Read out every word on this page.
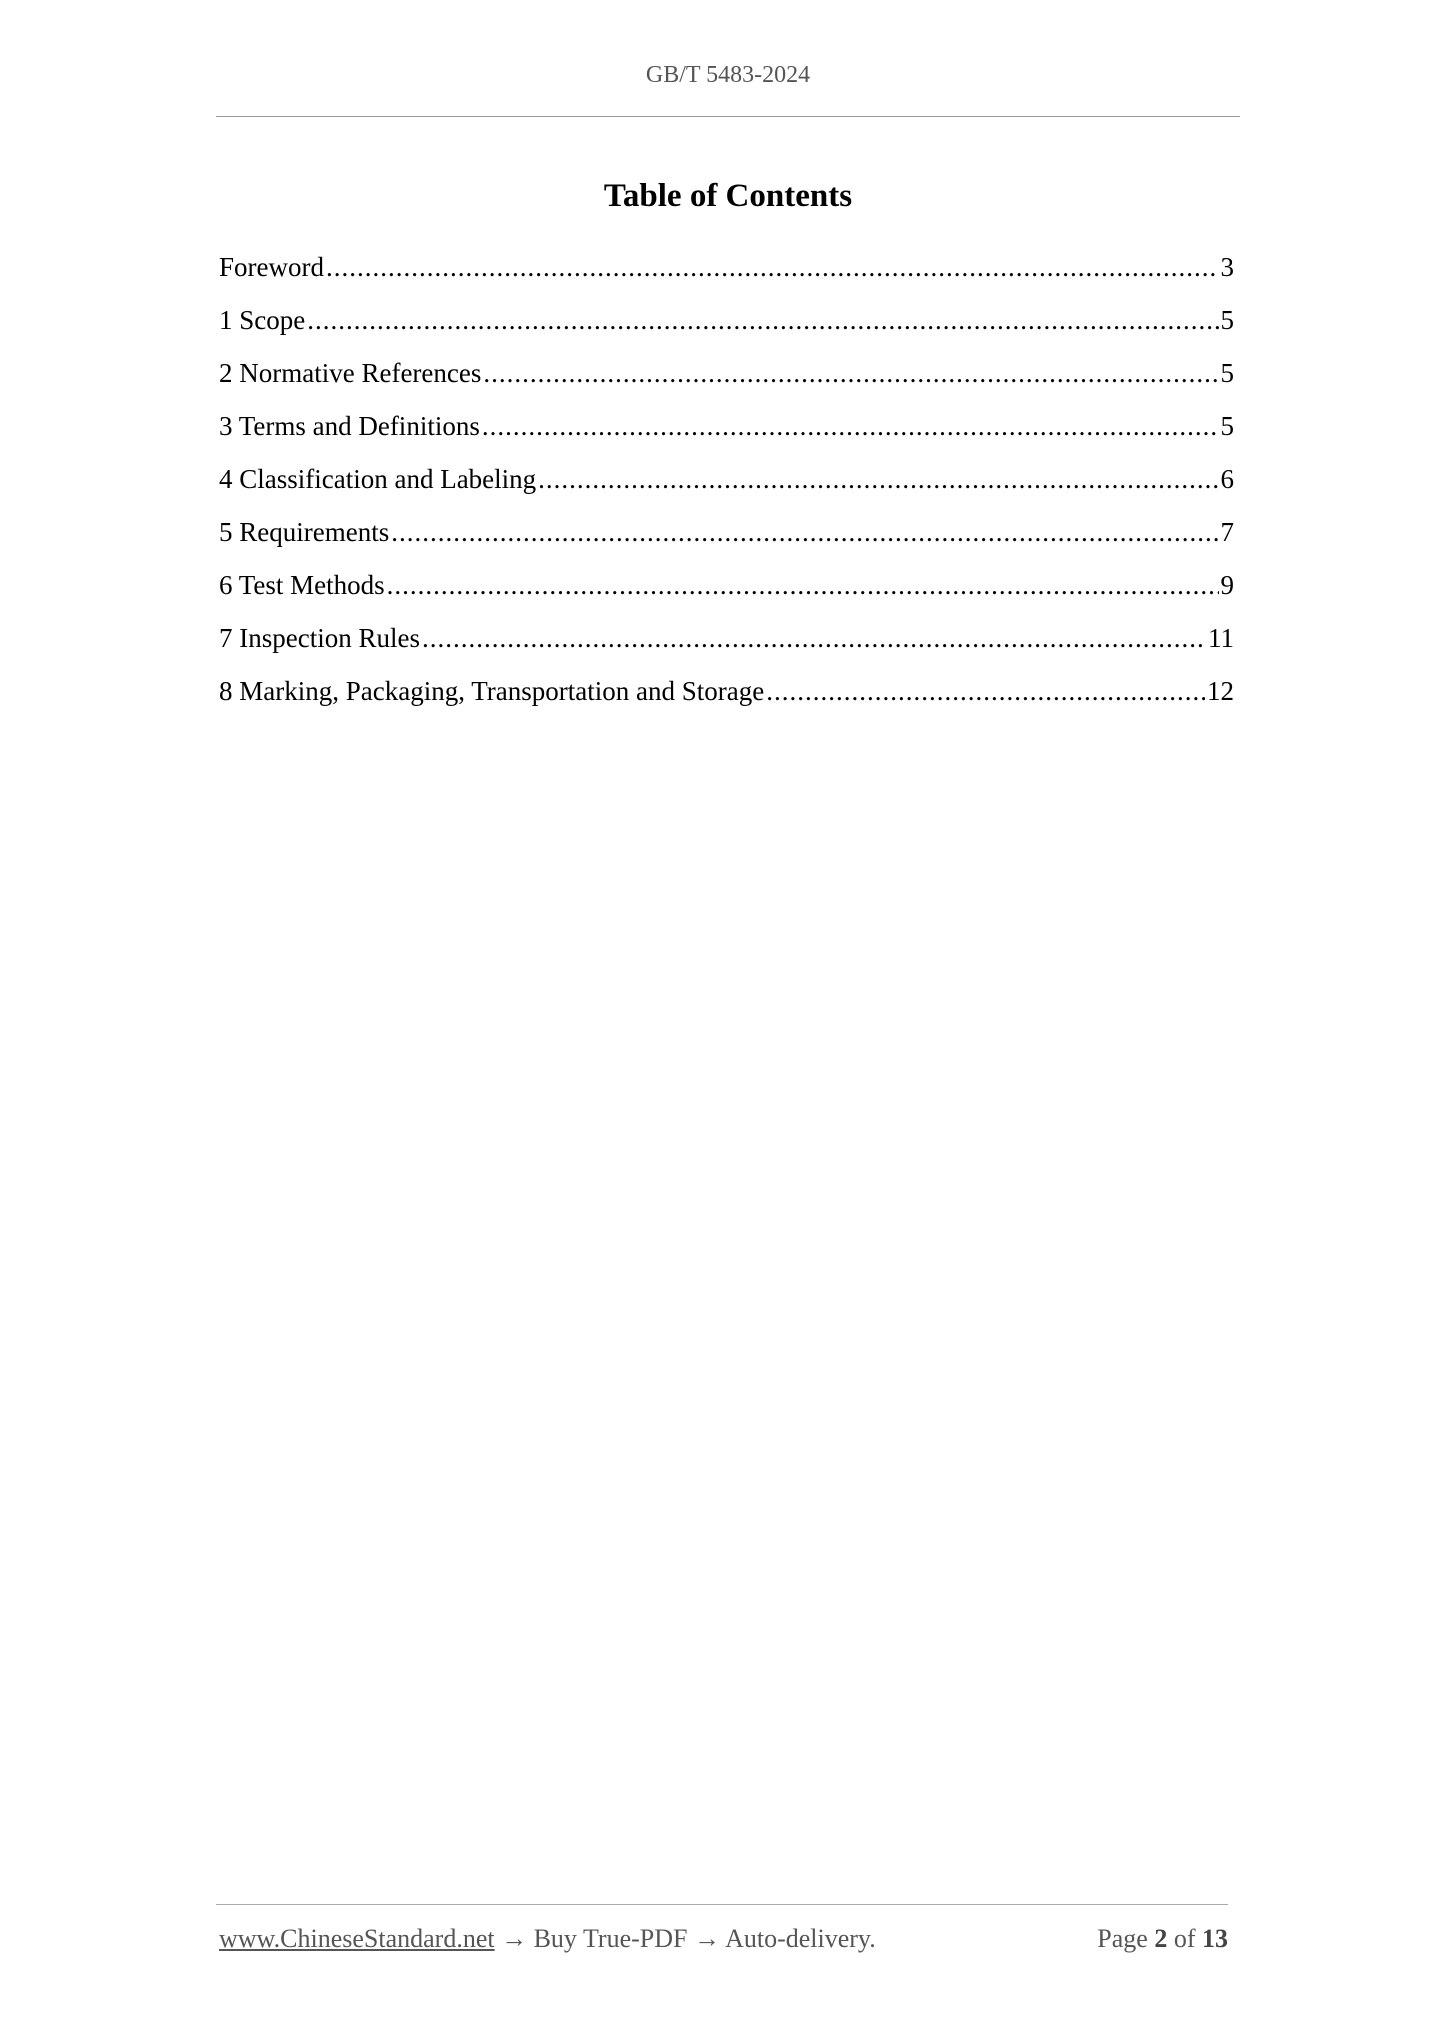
GB/T 5483-2024
Table of Contents
Foreword .....	3
1 Scope .....	5
2 Normative References .....	5
3 Terms and Definitions .....	5
4 Classification and Labeling .....	6
5 Requirements .....	7
6 Test Methods .....	9
7 Inspection Rules .....	11
8 Marking, Packaging, Transportation and Storage .....	12
www.ChineseStandard.net → Buy True-PDF → Auto-delivery.	Page 2 of 13
